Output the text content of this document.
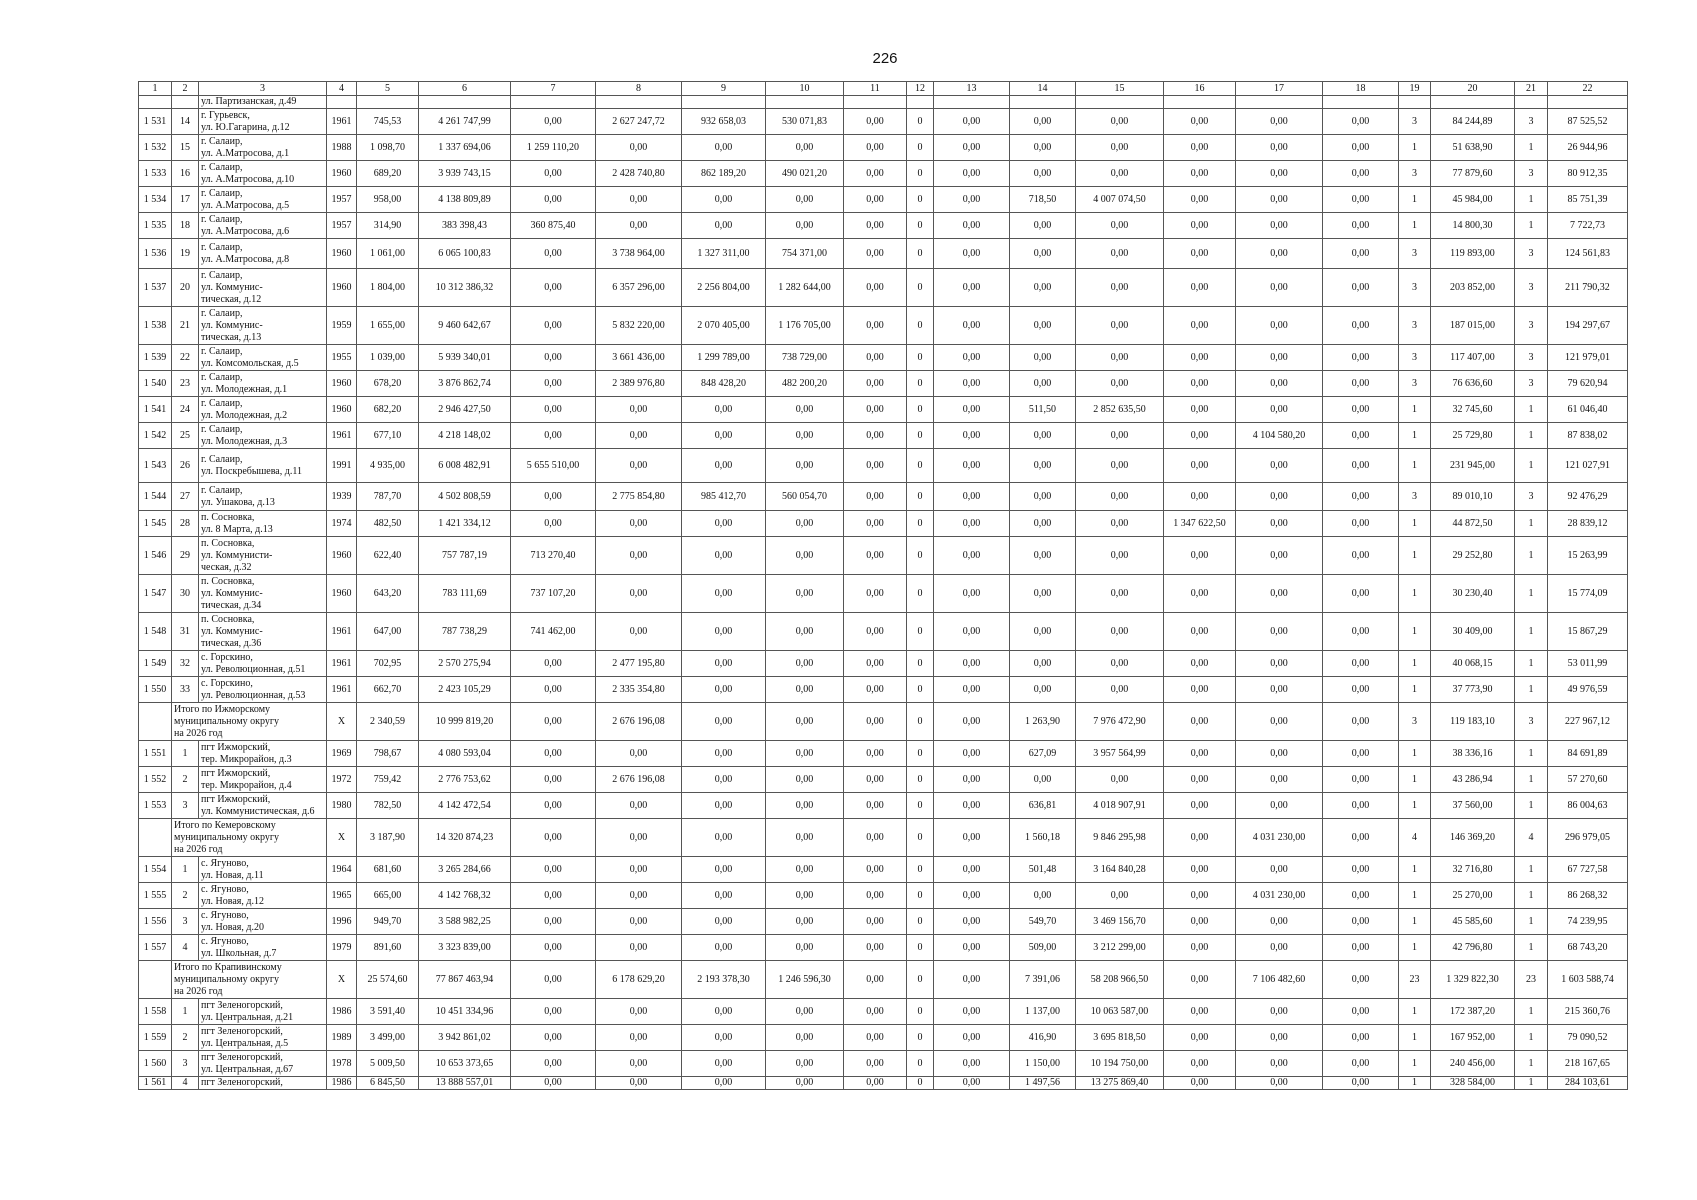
226
1	2	3	4	5	6	7	8	9	10	11	12	13	14	15	16	17	18	19	20	21	22
		ул. Партизанская, д.49																			
1 531	14	г. Гурьевск,
ул. Ю.Гагарина, д.12	1961	745,53	4 261 747,99	0,00	2 627 247,72	932 658,03	530 071,83	0,00	0	0,00	0,00	0,00	0,00	0,00	0,00	3	84 244,89	3	87 525,52
1 532	15	г. Салаир,
ул. А.Матросова, д.1	1988	1 098,70	1 337 694,06	1 259 110,20	0,00	0,00	0,00	0,00	0	0,00	0,00	0,00	0,00	0,00	0,00	1	51 638,90	1	26 944,96
1 533	16	г. Салаир,
ул. А.Матросова, д.10	1960	689,20	3 939 743,15	0,00	2 428 740,80	862 189,20	490 021,20	0,00	0	0,00	0,00	0,00	0,00	0,00	0,00	3	77 879,60	3	80 912,35
1 534	17	г. Салаир,
ул. А.Матросова, д.5	1957	958,00	4 138 809,89	0,00	0,00	0,00	0,00	0,00	0	0,00	718,50	4 007 074,50	0,00	0,00	0,00	1	45 984,00	1	85 751,39
1 535	18	г. Салаир,
ул. А.Матросова, д.6	1957	314,90	383 398,43	360 875,40	0,00	0,00	0,00	0,00	0	0,00	0,00	0,00	0,00	0,00	0,00	1	14 800,30	1	7 722,73
1 536	19	г. Салаир,
ул. А.Матросова, д.8	1960	1 061,00	6 065 100,83	0,00	3 738 964,00	1 327 311,00	754 371,00	0,00	0	0,00	0,00	0,00	0,00	0,00	0,00	3	119 893,00	3	124 561,83
1 537	20	г. Салаир,
ул. Коммунис-
тическая, д.12	1960	1 804,00	10 312 386,32	0,00	6 357 296,00	2 256 804,00	1 282 644,00	0,00	0	0,00	0,00	0,00	0,00	0,00	0,00	3	203 852,00	3	211 790,32
1 538	21	г. Салаир,
ул. Коммунис-
тическая, д.13	1959	1 655,00	9 460 642,67	0,00	5 832 220,00	2 070 405,00	1 176 705,00	0,00	0	0,00	0,00	0,00	0,00	0,00	0,00	3	187 015,00	3	194 297,67
1 539	22	г. Салаир,
ул. Комсомольская, д.5	1955	1 039,00	5 939 340,01	0,00	3 661 436,00	1 299 789,00	738 729,00	0,00	0	0,00	0,00	0,00	0,00	0,00	0,00	3	117 407,00	3	121 979,01
1 540	23	г. Салаир,
ул. Молодежная, д.1	1960	678,20	3 876 862,74	0,00	2 389 976,80	848 428,20	482 200,20	0,00	0	0,00	0,00	0,00	0,00	0,00	0,00	3	76 636,60	3	79 620,94
1 541	24	г. Салаир,
ул. Молодежная, д.2	1960	682,20	2 946 427,50	0,00	0,00	0,00	0,00	0,00	0	0,00	511,50	2 852 635,50	0,00	0,00	0,00	1	32 745,60	1	61 046,40
1 542	25	г. Салаир,
ул. Молодежная, д.3	1961	677,10	4 218 148,02	0,00	0,00	0,00	0,00	0,00	0	0,00	0,00	0,00	0,00	4 104 580,20	0,00	1	25 729,80	1	87 838,02
1 543	26	г. Салаир,
ул. Поскребышева, д.11	1991	4 935,00	6 008 482,91	5 655 510,00	0,00	0,00	0,00	0,00	0	0,00	0,00	0,00	0,00	0,00	0,00	1	231 945,00	1	121 027,91
1 544	27	г. Салаир,
ул. Ушакова, д.13	1939	787,70	4 502 808,59	0,00	2 775 854,80	985 412,70	560 054,70	0,00	0	0,00	0,00	0,00	0,00	0,00	0,00	3	89 010,10	3	92 476,29
1 545	28	п. Сосновка,
ул. 8 Марта, д.13	1974	482,50	1 421 334,12	0,00	0,00	0,00	0,00	0,00	0	0,00	0,00	0,00	1 347 622,50	0,00	0,00	1	44 872,50	1	28 839,12
1 546	29	п. Сосновка,
ул. Коммунисти-
ческая, д.32	1960	622,40	757 787,19	713 270,40	0,00	0,00	0,00	0,00	0	0,00	0,00	0,00	0,00	0,00	0,00	1	29 252,80	1	15 263,99
1 547	30	п. Сосновка,
ул. Коммунис-
тическая, д.34	1960	643,20	783 111,69	737 107,20	0,00	0,00	0,00	0,00	0	0,00	0,00	0,00	0,00	0,00	0,00	1	30 230,40	1	15 774,09
1 548	31	п. Сосновка,
ул. Коммунис-
тическая, д.36	1961	647,00	787 738,29	741 462,00	0,00	0,00	0,00	0,00	0	0,00	0,00	0,00	0,00	0,00	0,00	1	30 409,00	1	15 867,29
1 549	32	с. Горскино,
ул. Революционная, д.51	1961	702,95	2 570 275,94	0,00	2 477 195,80	0,00	0,00	0,00	0	0,00	0,00	0,00	0,00	0,00	0,00	1	40 068,15	1	53 011,99
1 550	33	с. Горскино,
ул. Революционная, д.53	1961	662,70	2 423 105,29	0,00	2 335 354,80	0,00	0,00	0,00	0	0,00	0,00	0,00	0,00	0,00	0,00	1	37 773,90	1	49 976,59
	Итого по Ижморскому
муниципальному округу
на 2026 год		X	2 340,59	10 999 819,20	0,00	2 676 196,08	0,00	0,00	0,00	0	0,00	1 263,90	7 976 472,90	0,00	0,00	0,00	3	119 183,10	3	227 967,12
1 551	1	пгт Ижморский,
тер. Микрорайон, д.3	1969	798,67	4 080 593,04	0,00	0,00	0,00	0,00	0,00	0	0,00	627,09	3 957 564,99	0,00	0,00	0,00	1	38 336,16	1	84 691,89
1 552	2	пгт Ижморский,
тер. Микрорайон, д.4	1972	759,42	2 776 753,62	0,00	2 676 196,08	0,00	0,00	0,00	0	0,00	0,00	0,00	0,00	0,00	0,00	1	43 286,94	1	57 270,60
1 553	3	пгт Ижморский,
ул. Коммунистическая, д.6	1980	782,50	4 142 472,54	0,00	0,00	0,00	0,00	0,00	0	0,00	636,81	4 018 907,91	0,00	0,00	0,00	1	37 560,00	1	86 004,63
	Итого по Кемеровскому
муниципальному округу
на 2026 год		X	3 187,90	14 320 874,23	0,00	0,00	0,00	0,00	0,00	0	0,00	1 560,18	9 846 295,98	0,00	4 031 230,00	0,00	4	146 369,20	4	296 979,05
1 554	1	с. Ягуново,
ул. Новая, д.11	1964	681,60	3 265 284,66	0,00	0,00	0,00	0,00	0,00	0	0,00	501,48	3 164 840,28	0,00	0,00	0,00	1	32 716,80	1	67 727,58
1 555	2	с. Ягуново,
ул. Новая, д.12	1965	665,00	4 142 768,32	0,00	0,00	0,00	0,00	0,00	0	0,00	0,00	0,00	0,00	4 031 230,00	0,00	1	25 270,00	1	86 268,32
1 556	3	с. Ягуново,
ул. Новая, д.20	1996	949,70	3 588 982,25	0,00	0,00	0,00	0,00	0,00	0	0,00	549,70	3 469 156,70	0,00	0,00	0,00	1	45 585,60	1	74 239,95
1 557	4	с. Ягуново,
ул. Школьная, д.7	1979	891,60	3 323 839,00	0,00	0,00	0,00	0,00	0,00	0	0,00	509,00	3 212 299,00	0,00	0,00	0,00	1	42 796,80	1	68 743,20
	Итого по Крапивинскому
муниципальному округу
на 2026 год		X	25 574,60	77 867 463,94	0,00	6 178 629,20	2 193 378,30	1 246 596,30	0,00	0	0,00	7 391,06	58 208 966,50	0,00	7 106 482,60	0,00	23	1 329 822,30	23	1 603 588,74
1 558	1	пгт Зеленогорский,
ул. Центральная, д.21	1986	3 591,40	10 451 334,96	0,00	0,00	0,00	0,00	0,00	0	0,00	1 137,00	10 063 587,00	0,00	0,00	0,00	1	172 387,20	1	215 360,76
1 559	2	пгт Зеленогорский,
ул. Центральная, д.5	1989	3 499,00	3 942 861,02	0,00	0,00	0,00	0,00	0,00	0	0,00	416,90	3 695 818,50	0,00	0,00	0,00	1	167 952,00	1	79 090,52
1 560	3	пгт Зеленогорский,
ул. Центральная, д.67	1978	5 009,50	10 653 373,65	0,00	0,00	0,00	0,00	0,00	0	0,00	1 150,00	10 194 750,00	0,00	0,00	0,00	1	240 456,00	1	218 167,65
1 561	4	пгт Зеленогорский,	1986	6 845,50	13 888 557,01	0,00	0,00	0,00	0,00	0,00	0	0,00	1 497,56	13 275 869,40	0,00	0,00	0,00	1	328 584,00	1	284 103,61
